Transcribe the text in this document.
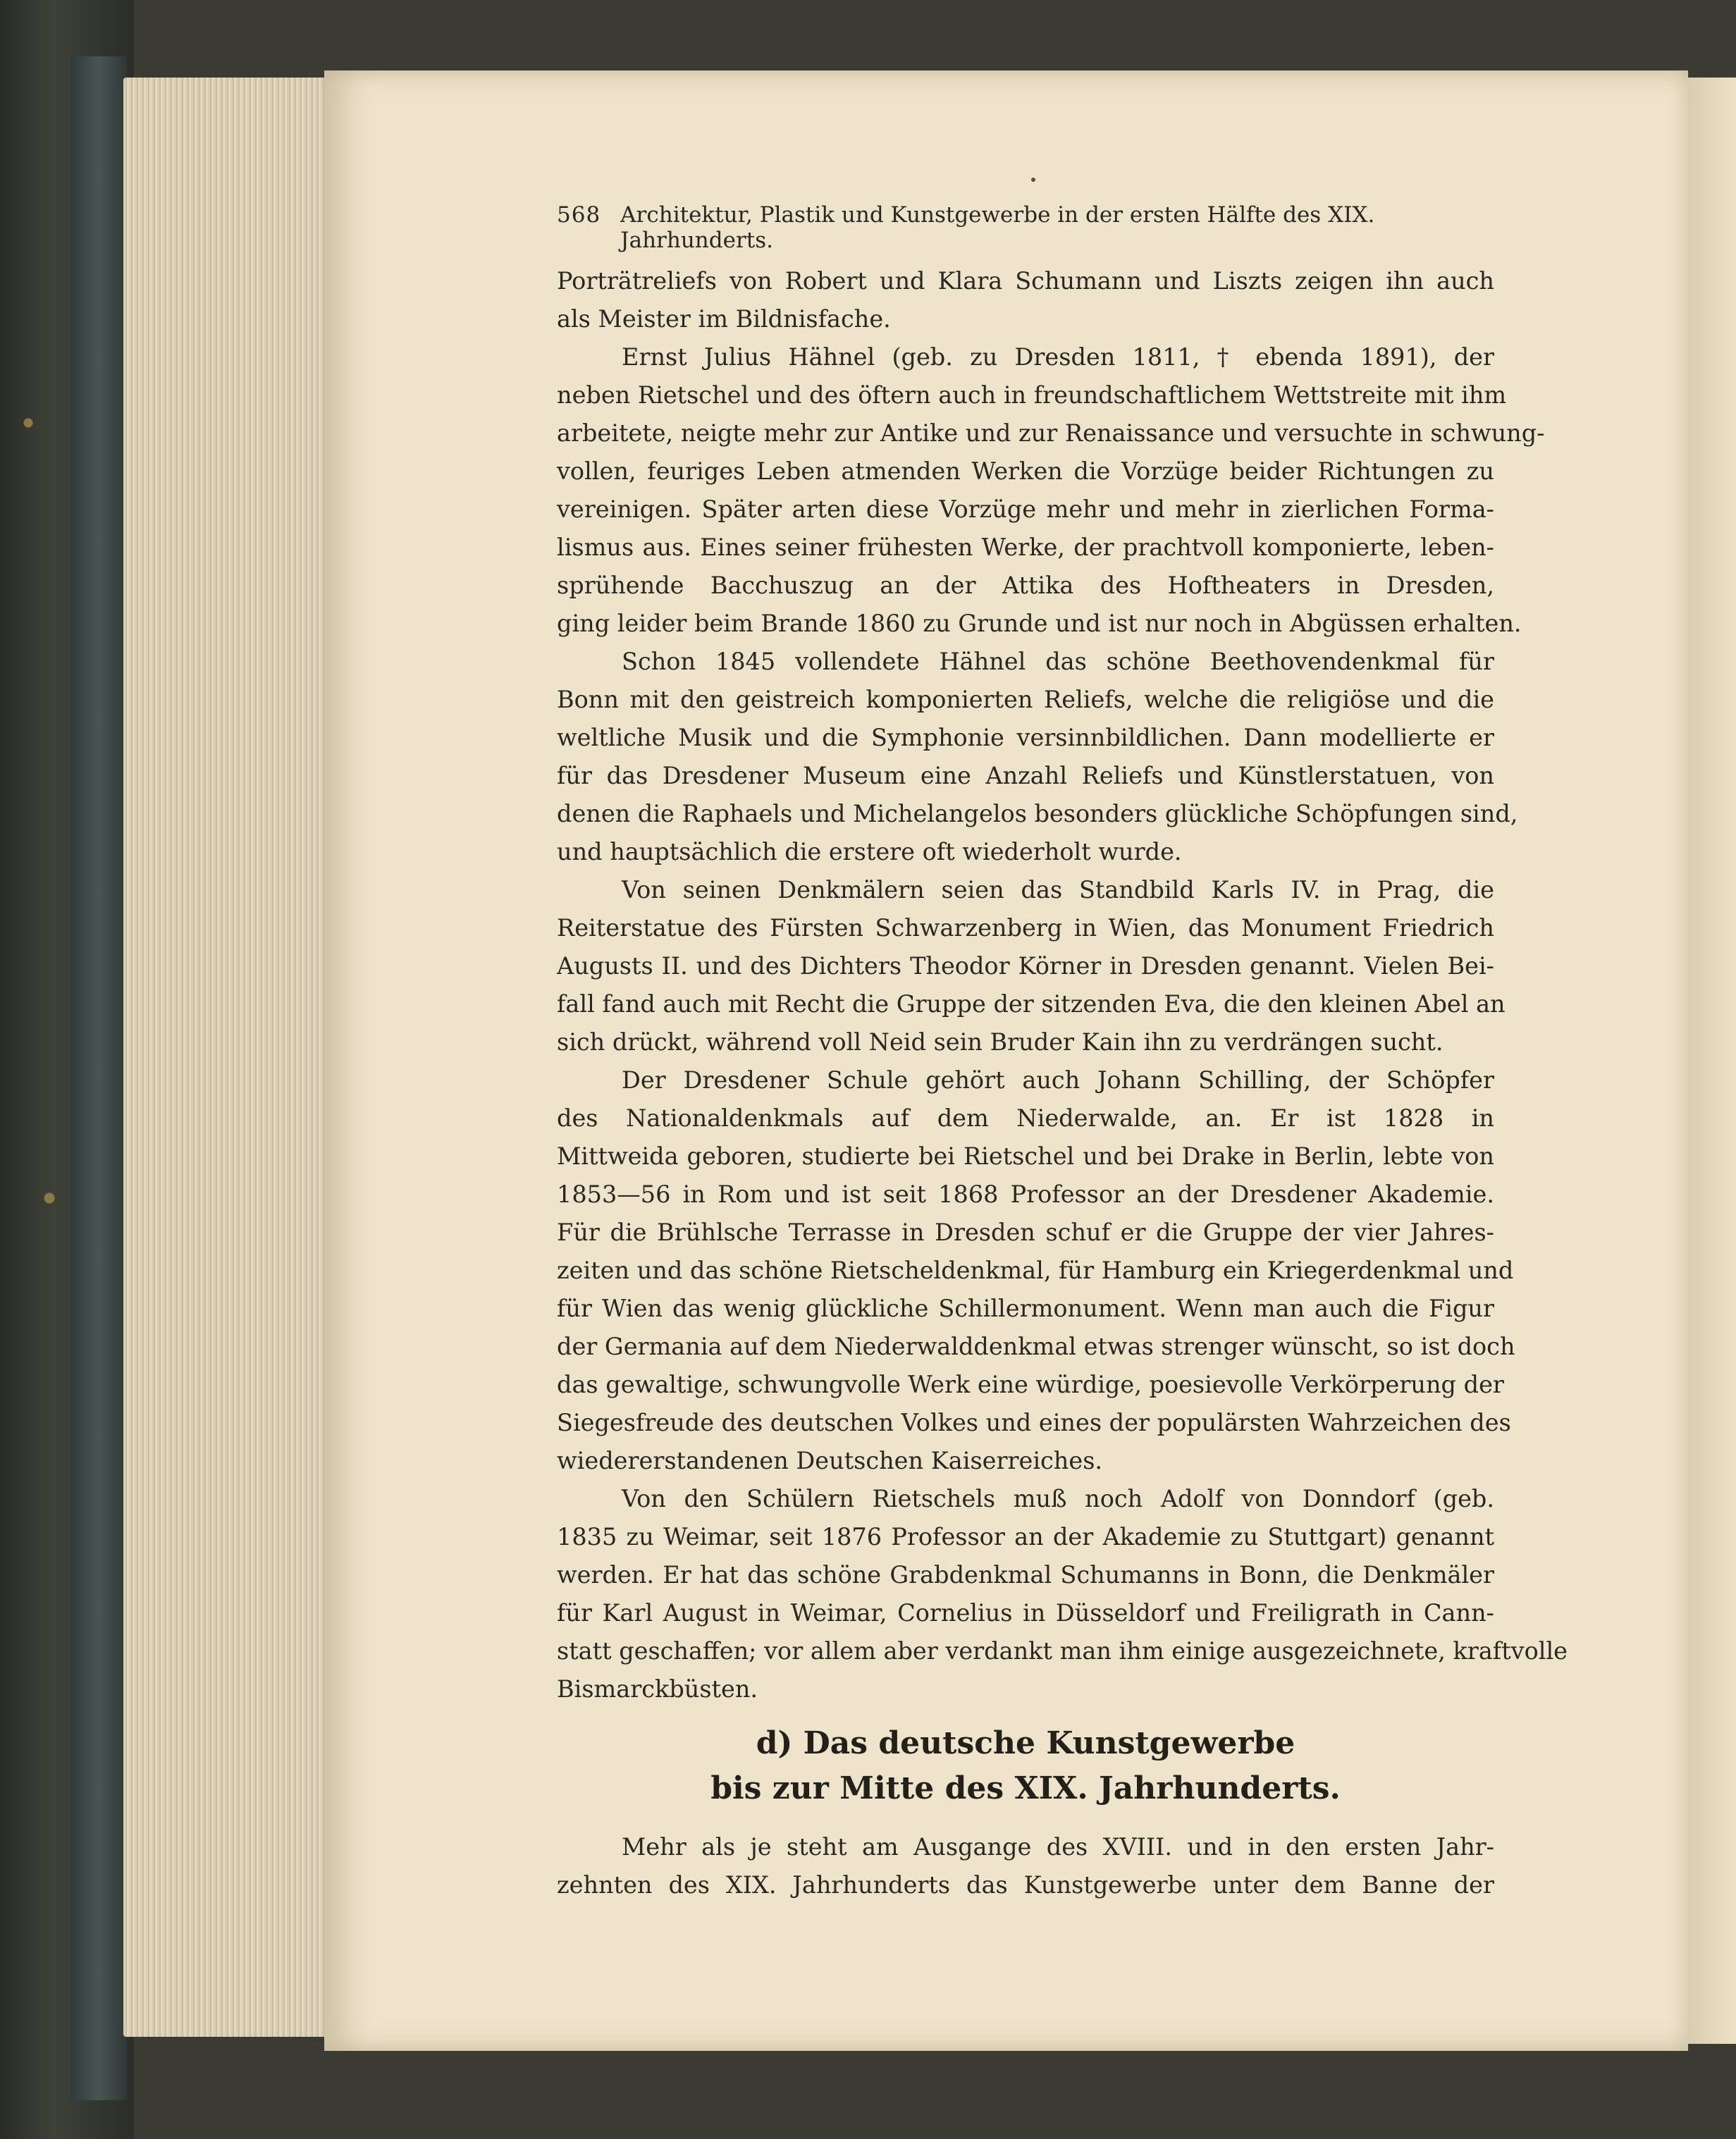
568 Architektur, Plastik und Kunstgewerbe in der ersten Hälfte des XIX. Jahrhunderts.
Porträtreliefs von Robert und Klara Schumann und Liszts zeigen ihn auch
als Meister im Bildnisfache.
Ernst Julius Hähnel (geb. zu Dresden 1811, † ebenda 1891), der
neben Rietschel und des öftern auch in freundschaftlichem Wettstreite mit ihm
arbeitete, neigte mehr zur Antike und zur Renaissance und versuchte in schwung-
vollen, feuriges Leben atmenden Werken die Vorzüge beider Richtungen zu
vereinigen. Später arten diese Vorzüge mehr und mehr in zierlichen Forma-
lismus aus. Eines seiner frühesten Werke, der prachtvoll komponierte, leben-
sprühende Bacchuszug an der Attika des Hoftheaters in Dresden,
ging leider beim Brande 1860 zu Grunde und ist nur noch in Abgüssen erhalten.
Schon 1845 vollendete Hähnel das schöne Beethovendenkmal für
Bonn mit den geistreich komponierten Reliefs, welche die religiöse und die
weltliche Musik und die Symphonie versinnbildlichen. Dann modellierte er
für das Dresdener Museum eine Anzahl Reliefs und Künstlerstatuen, von
denen die Raphaels und Michelangelos besonders glückliche Schöpfungen sind,
und hauptsächlich die erstere oft wiederholt wurde.
Von seinen Denkmälern seien das Standbild Karls IV. in Prag, die
Reiterstatue des Fürsten Schwarzenberg in Wien, das Monument Friedrich
Augusts II. und des Dichters Theodor Körner in Dresden genannt. Vielen Bei-
fall fand auch mit Recht die Gruppe der sitzenden Eva, die den kleinen Abel an
sich drückt, während voll Neid sein Bruder Kain ihn zu verdrängen sucht.
Der Dresdener Schule gehört auch Johann Schilling, der Schöpfer
des Nationaldenkmals auf dem Niederwalde, an. Er ist 1828 in
Mittweida geboren, studierte bei Rietschel und bei Drake in Berlin, lebte von
1853—56 in Rom und ist seit 1868 Professor an der Dresdener Akademie.
Für die Brühlsche Terrasse in Dresden schuf er die Gruppe der vier Jahres-
zeiten und das schöne Rietscheldenkmal, für Hamburg ein Kriegerdenkmal und
für Wien das wenig glückliche Schillermonument. Wenn man auch die Figur
der Germania auf dem Niederwalddenkmal etwas strenger wünscht, so ist doch
das gewaltige, schwungvolle Werk eine würdige, poesievolle Verkörperung der
Siegesfreude des deutschen Volkes und eines der populärsten Wahrzeichen des
wiedererstandenen Deutschen Kaiserreiches.
Von den Schülern Rietschels muß noch Adolf von Donndorf (geb.
1835 zu Weimar, seit 1876 Professor an der Akademie zu Stuttgart) genannt
werden. Er hat das schöne Grabdenkmal Schumanns in Bonn, die Denkmäler
für Karl August in Weimar, Cornelius in Düsseldorf und Freiligrath in Cann-
statt geschaffen; vor allem aber verdankt man ihm einige ausgezeichnete, kraftvolle
Bismarckbüsten.
d) Das deutsche Kunstgewerbe
bis zur Mitte des XIX. Jahrhunderts.
Mehr als je steht am Ausgange des XVIII. und in den ersten Jahr-
zehnten des XIX. Jahrhunderts das Kunstgewerbe unter dem Banne der
